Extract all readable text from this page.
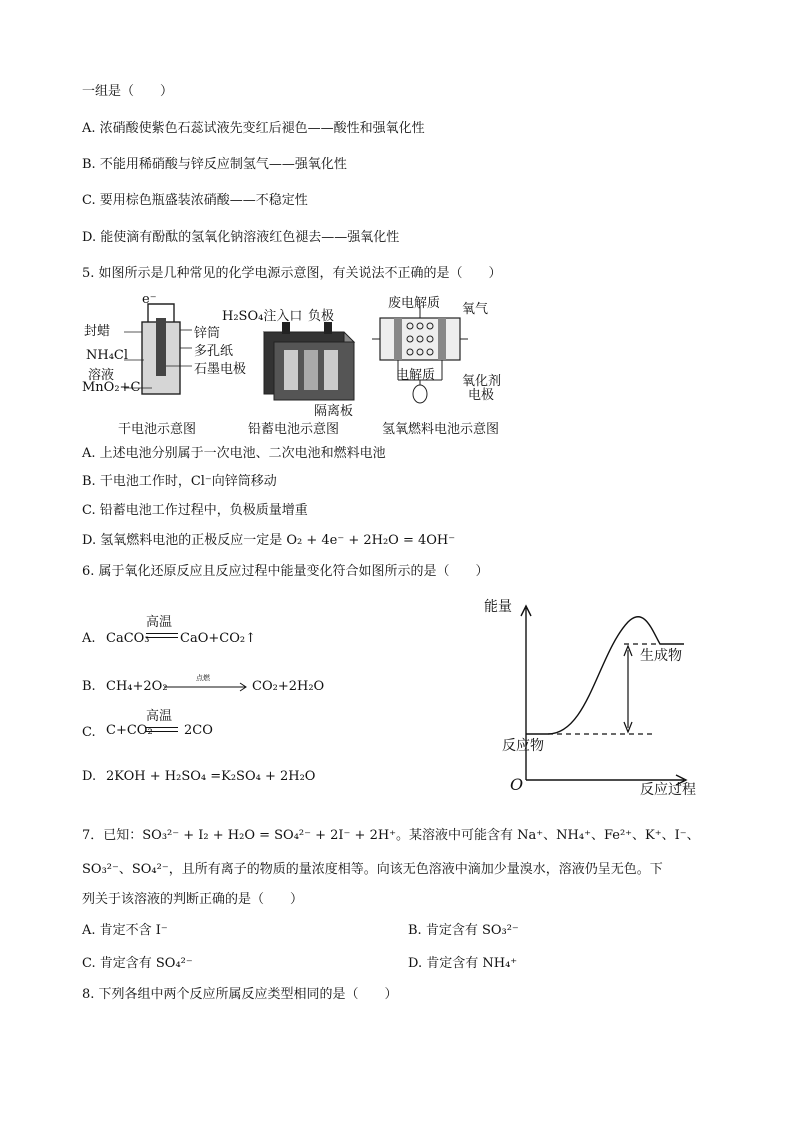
一组是（　　）
A. 浓硝酸使紫色石蕊试液先变红后褪色——酸性和强氧化性
B. 不能用稀硝酸与锌反应制氢气——强氧化性
C. 要用棕色瓶盛装浓硝酸——不稳定性
D. 能使滴有酚酞的氢氧化钠溶液红色褪去——强氧化性
5. 如图所示是几种常见的化学电源示意图，有关说法不正确的是（　　）
e⁻
封蜡	锌筒
多孔纸
石墨电极
NH₄Cl
溶液
MnO₂+C
干电池示意图
H₂SO₄注入口 负极
隔离板
铅蓄电池示意图
废电解质 氧气
电解质 氧化剂
电极
氢氧燃料电池示意图
A. 上述电池分别属于一次电池、二次电池和燃料电池
B. 干电池工作时，Cl⁻向锌筒移动
C. 铅蓄电池工作过程中，负极质量增重
D. 氢氧燃料电池的正极反应一定是 O₂ + 4e⁻ + 2H₂O = 4OH⁻
6. 属于氧化还原反应且反应过程中能量变化符合如图所示的是（　　）
A. CaCO₃
高温
CaO+CO₂↑
B. CH₄+2O₂
点燃
CO₂+2H₂O
C. C+CO₂
高温
2CO
D. 2KOH + H₂SO₄ =K₂SO₄ + 2H₂O
能量
生成物
反应物
O	反应过程
7．已知：SO₃²⁻ + I₂ + H₂O = SO₄²⁻ + 2I⁻ + 2H⁺。某溶液中可能含有 Na⁺、NH₄⁺、Fe²⁺、K⁺、I⁻、
SO₃²⁻、SO₄²⁻，且所有离子的物质的量浓度相等。向该无色溶液中滴加少量溴水，溶液仍呈无色。下
列关于该溶液的判断正确的是（　　）
A. 肯定不含 I⁻	B. 肯定含有 SO₃²⁻
C. 肯定含有 SO₄²⁻	D. 肯定含有 NH₄⁺
8. 下列各组中两个反应所属反应类型相同的是（　　）
